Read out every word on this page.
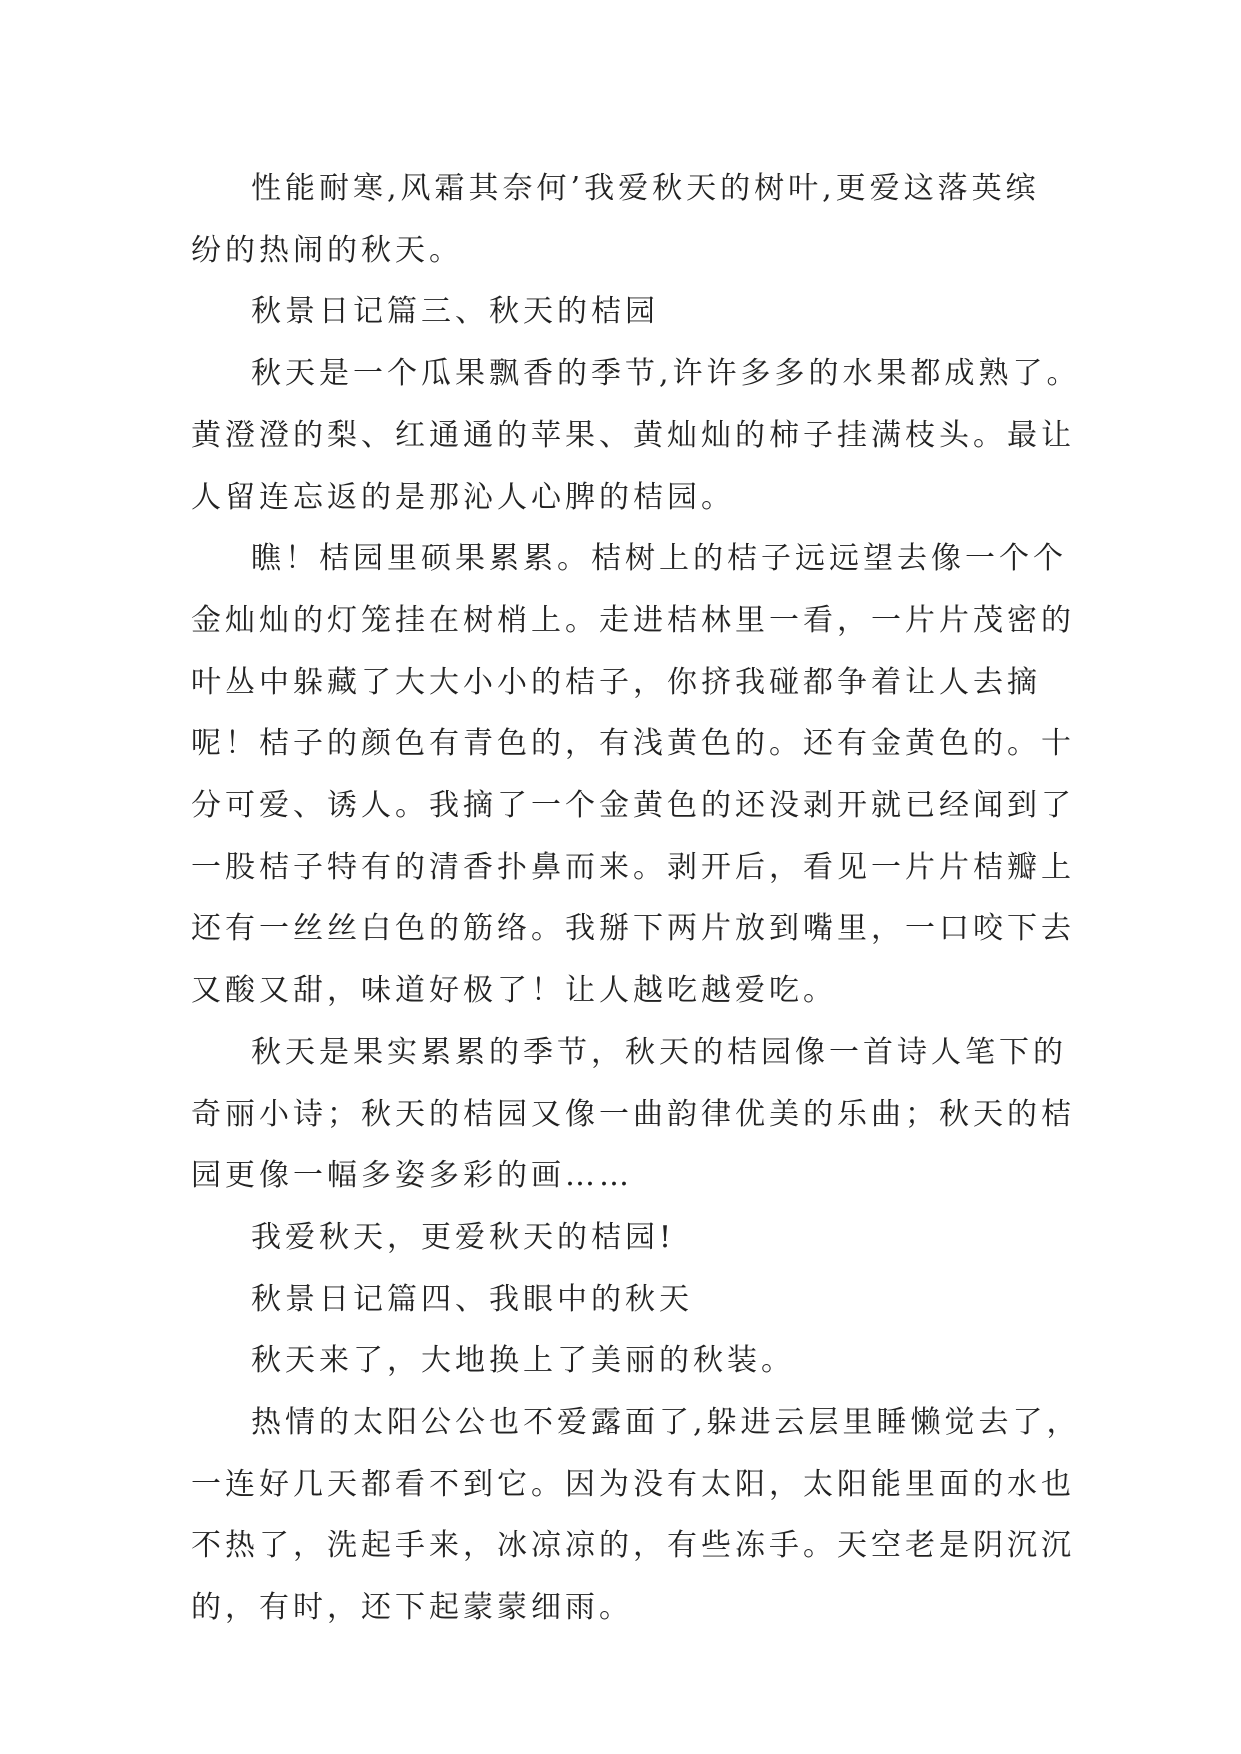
性能耐寒,风霜其奈何’我爱秋天的树叶,更爱这落英缤
纷的热闹的秋天。
秋景日记篇三、秋天的桔园
秋天是一个瓜果飘香的季节,许许多多的水果都成熟了。
黄澄澄的梨、红通通的苹果、黄灿灿的柿子挂满枝头。最让
人留连忘返的是那沁人心脾的桔园。
瞧！桔园里硕果累累。桔树上的桔子远远望去像一个个
金灿灿的灯笼挂在树梢上。走进桔林里一看，一片片茂密的
叶丛中躲藏了大大小小的桔子，你挤我碰都争着让人去摘
呢！桔子的颜色有青色的，有浅黄色的。还有金黄色的。十
分可爱、诱人。我摘了一个金黄色的还没剥开就已经闻到了
一股桔子特有的清香扑鼻而来。剥开后，看见一片片桔瓣上
还有一丝丝白色的筋络。我掰下两片放到嘴里，一口咬下去
又酸又甜，味道好极了！让人越吃越爱吃。
秋天是果实累累的季节，秋天的桔园像一首诗人笔下的
奇丽小诗；秋天的桔园又像一曲韵律优美的乐曲；秋天的桔
园更像一幅多姿多彩的画……
我爱秋天，更爱秋天的桔园!
秋景日记篇四、我眼中的秋天
秋天来了，大地换上了美丽的秋装。
热情的太阳公公也不爱露面了,躲进云层里睡懒觉去了，
一连好几天都看不到它。因为没有太阳，太阳能里面的水也
不热了，洗起手来，冰凉凉的，有些冻手。天空老是阴沉沉
的，有时，还下起蒙蒙细雨。
